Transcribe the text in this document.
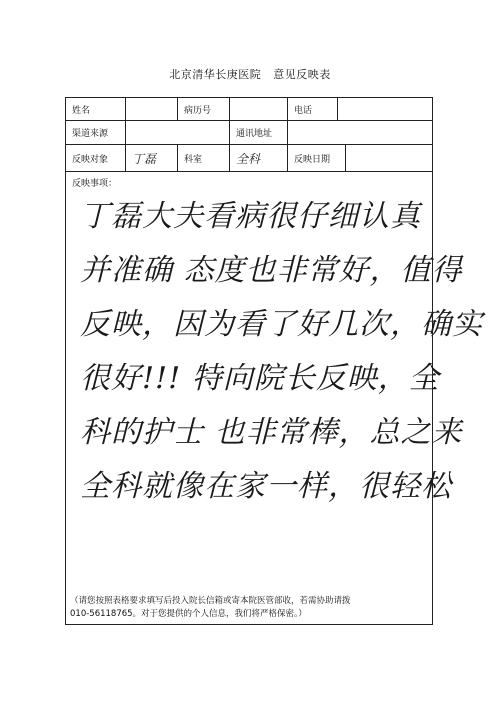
北京清华长庚医院 意见反映表
姓名	病历号	电话
渠道来源	通讯地址
反映对象	丁磊	科室	全科	反映日期
反映事项：
丁磊大夫看病很仔细认真
并准确 态度也非常好，值得
反映，因为看了好几次，确实
很好!!! 特向院长反映，全
科的护士 也非常棒，总之来
全科就像在家一样，很轻松
（请您按照表格要求填写后投入院长信箱或寄本院医管部收，若需协助请拨
010-56118765。对于您提供的个人信息，我们将严格保密。）
